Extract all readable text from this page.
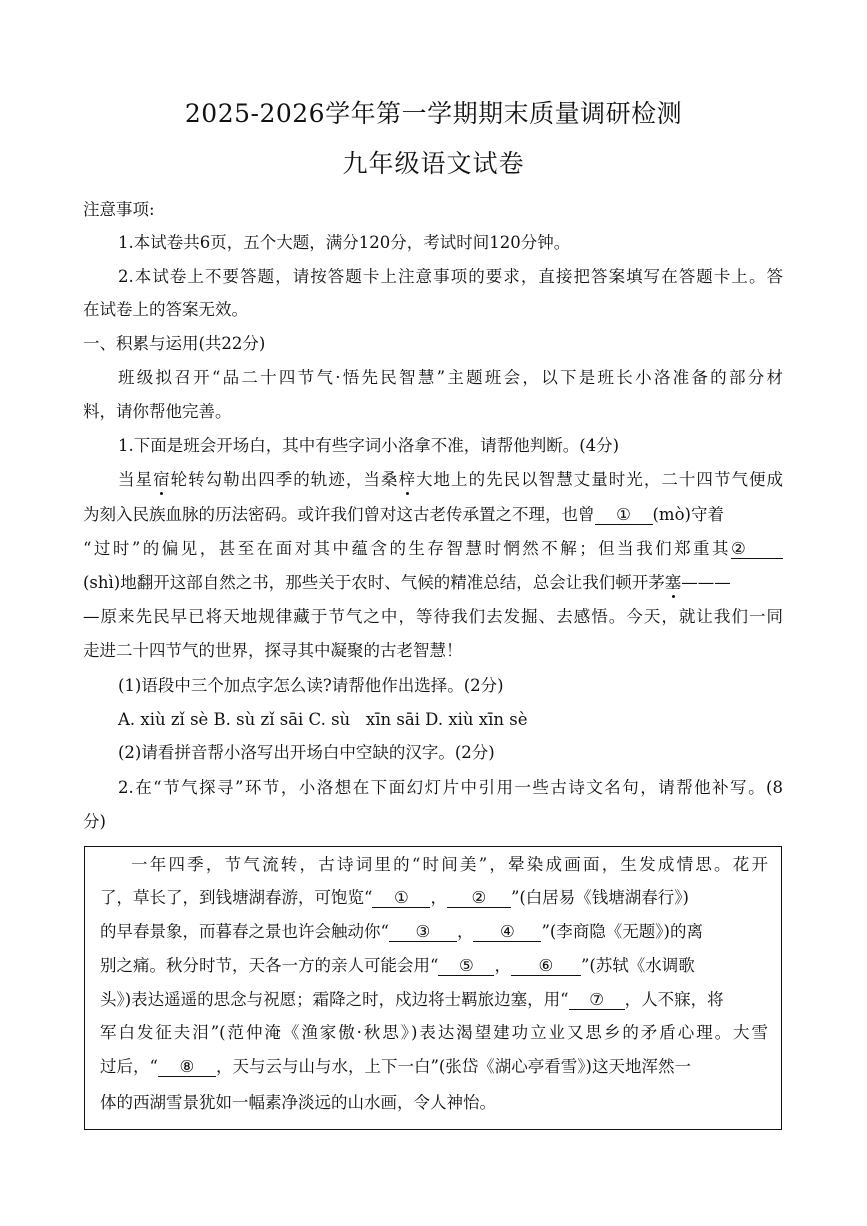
2025-2026学年第一学期期末质量调研检测
九年级语文试卷
注意事项:
1.本试卷共6页，五个大题，满分120分，考试时间120分钟。
2.本试卷上不要答题，请按答题卡上注意事项的要求，直接把答案填写在答题卡上。答
在试卷上的答案无效。
一、积累与运用(共22分)
班级拟召开“品二十四节气·悟先民智慧”主题班会，以下是班长小洛准备的部分材
料，请你帮他完善。
1.下面是班会开场白，其中有些字词小洛拿不准，请帮他判断。(4分)
当星宿轮转勾勒出四季的轨迹，当桑梓大地上的先民以智慧丈量时光，二十四节气便成
为刻入民族血脉的历法密码。或许我们曾对这古老传承置之不理，也曾 ① (mò)守着
“过时”的偏见，甚至在面对其中蕴含的生存智慧时惘然不解；但当我们郑重其②
(shì)地翻开这部自然之书，那些关于农时、气候的精准总结，总会让我们顿开茅塞———
—原来先民早已将天地规律藏于节气之中，等待我们去发掘、去感悟。今天，就让我们一同
走进二十四节气的世界，探寻其中凝聚的古老智慧！
(1)语段中三个加点字怎么读?请帮他作出选择。(2分)
A. xiù zǐ sè B. sù zǐ sāi C. sù   xīn sāi D. xiù xīn sè
(2)请看拼音帮小洛写出开场白中空缺的汉字。(2分)
2.在“节气探寻”环节，小洛想在下面幻灯片中引用一些古诗文名句，请帮他补写。(8
分)
一年四季，节气流转，古诗词里的“时间美”，晕染成画面，生发成情思。花开
了，草长了，到钱塘湖春游，可饱览“ ① ， ② ”(白居易《钱塘湖春行》)
的早春景象，而暮春之景也许会触动你“ ③ ， ④ ”(李商隐《无题》)的离
别之痛。秋分时节，天各一方的亲人可能会用“ ⑤ ， ⑥ ”(苏轼《水调歌
头》)表达遥遥的思念与祝愿；霜降之时，戍边将士羁旅边塞，用“ ⑦ ，人不寐，将
军白发征夫泪”(范仲淹《渔家傲·秋思》)表达渴望建功立业又思乡的矛盾心理。大雪
过后，“ ⑧ ，天与云与山与水，上下一白”(张岱《湖心亭看雪》)这天地浑然一
体的西湖雪景犹如一幅素净淡远的山水画，令人神怡。
